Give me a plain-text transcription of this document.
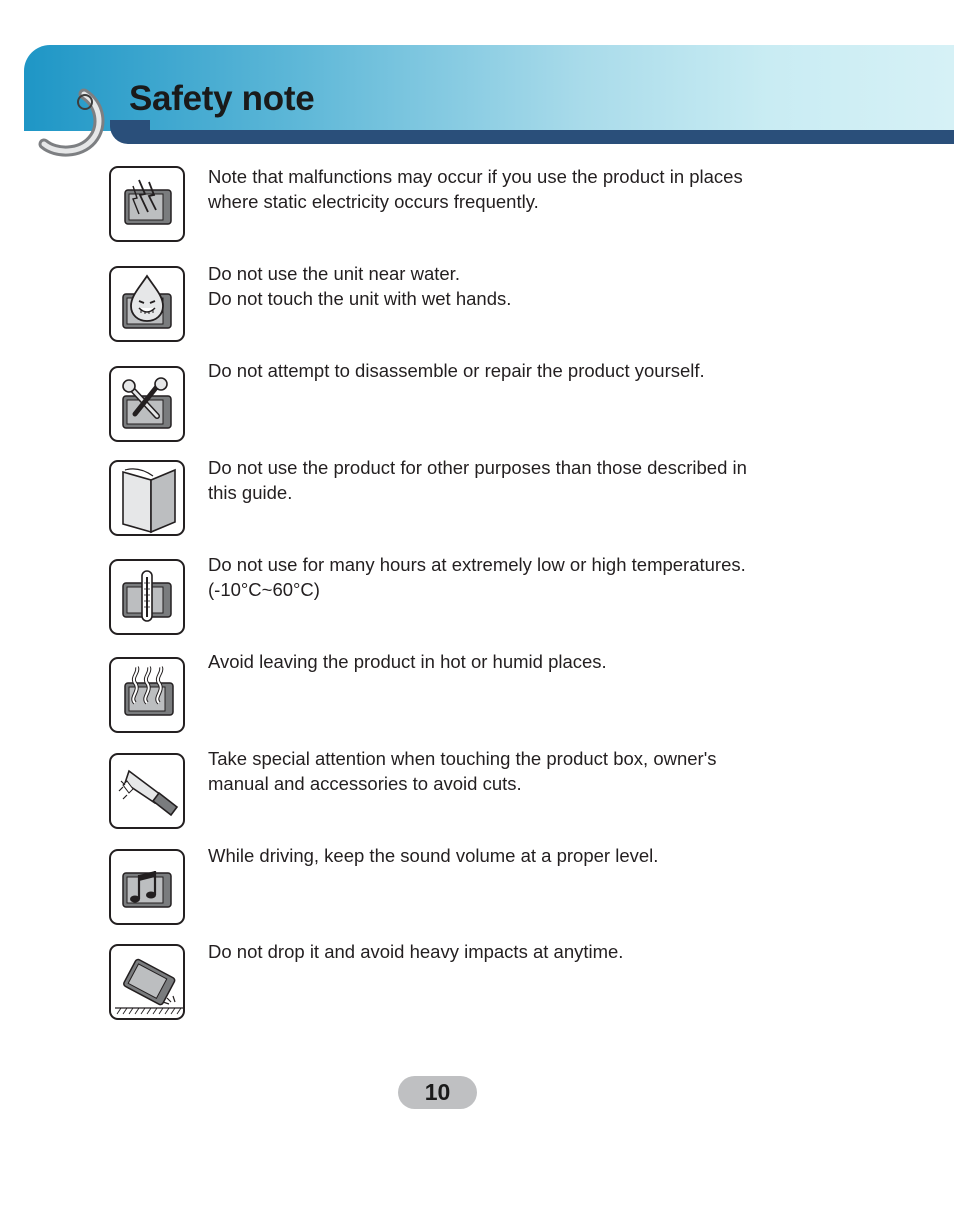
Safety note
Note that malfunctions may occur if you use the product in places
where static electricity occurs frequently.
Do not use the unit near water.
Do not touch the unit with wet hands.
Do not attempt to disassemble or repair the product yourself.
Do not use the product for other purposes than those described in
this guide.
Do not use for many hours at extremely low or high temperatures.
(-10°C~60°C)
Avoid leaving the product in hot or humid places.
Take special attention when touching the product box, owner's
manual and accessories to avoid cuts.
While driving, keep the sound volume at a proper level.
Do not drop it and avoid heavy impacts at anytime.
10
